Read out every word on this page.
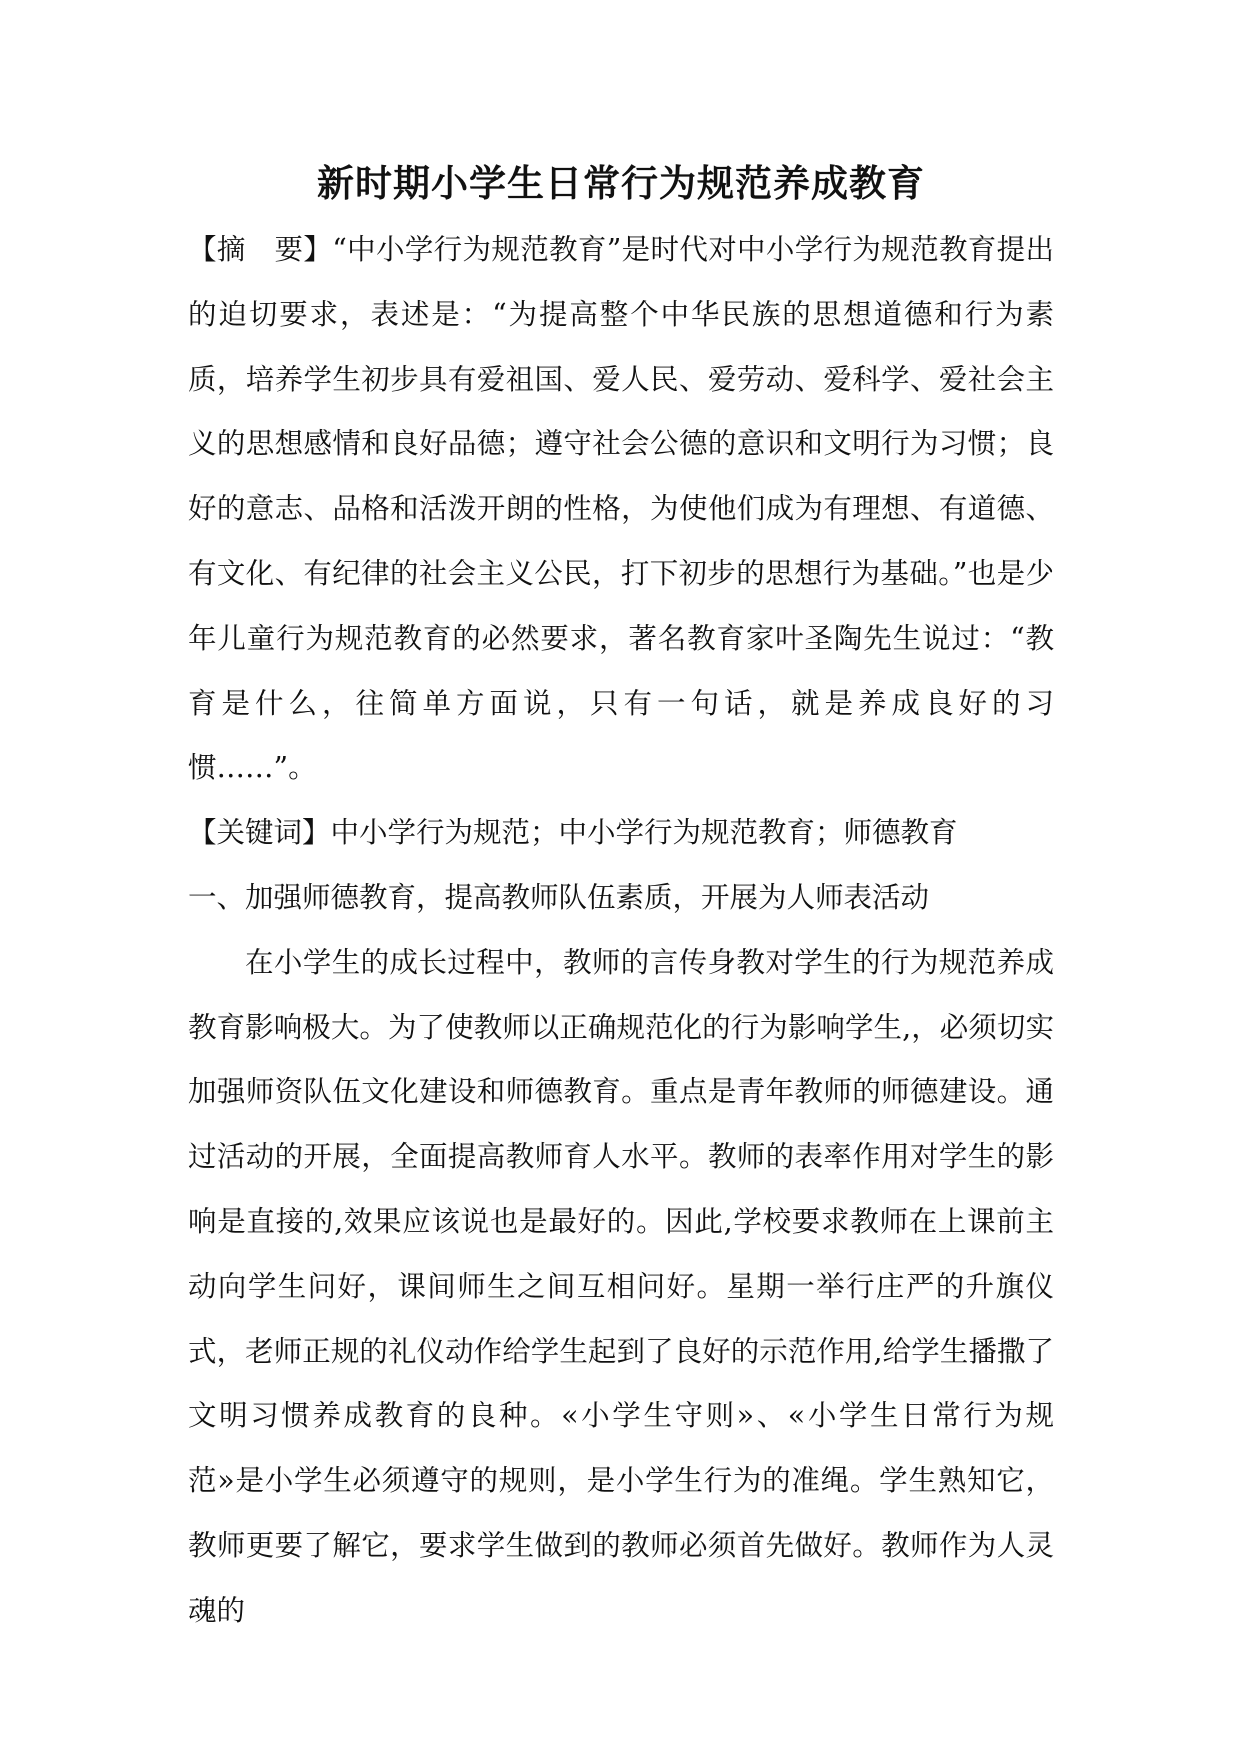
新时期小学生日常行为规范养成教育

【摘　要】“中小学行为规范教育”是时代对中小学行为规范教育提出的迫切要求，表述是：“为提高整个中华民族的思想道德和行为素质，培养学生初步具有爱祖国、爱人民、爱劳动、爱科学、爱社会主义的思想感情和良好品德；遵守社会公德的意识和文明行为习惯；良好的意志、品格和活泼开朗的性格，为使他们成为有理想、有道德、有文化、有纪律的社会主义公民，打下初步的思想行为基础。”也是少年儿童行为规范教育的必然要求，著名教育家叶圣陶先生说过：“教育是什么，往简单方面说，只有一句话，就是养成良好的习惯……”。

【关键词】中小学行为规范；中小学行为规范教育；师德教育

一、加强师德教育，提高教师队伍素质，开展为人师表活动

在小学生的成长过程中，教师的言传身教对学生的行为规范养成教育影响极大。为了使教师以正确规范化的行为影响学生,，必须切实加强师资队伍文化建设和师德教育。重点是青年教师的师德建设。通过活动的开展，全面提高教师育人水平。教师的表率作用对学生的影响是直接的,效果应该说也是最好的。因此,学校要求教师在上课前主动向学生问好，课间师生之间互相问好。星期一举行庄严的升旗仪式，老师正规的礼仪动作给学生起到了良好的示范作用,给学生播撒了文明习惯养成教育的良种。«小学生守则»、«小学生日常行为规范»是小学生必须遵守的规则，是小学生行为的准绳。学生熟知它，教师更要了解它，要求学生做到的教师必须首先做好。教师作为人灵魂的
